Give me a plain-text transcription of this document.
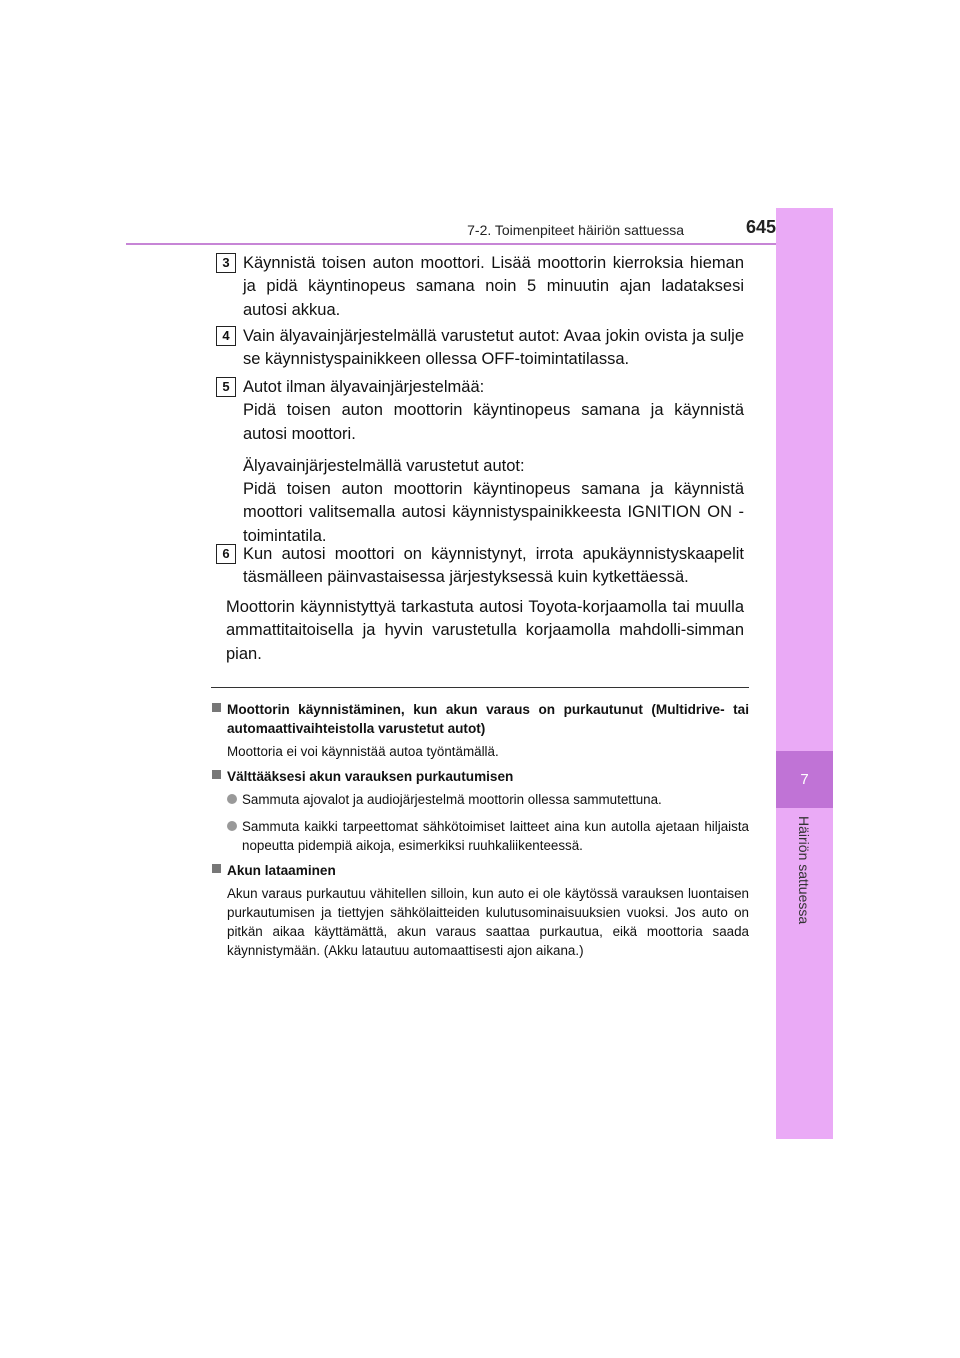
7-2. Toimenpiteet häiriön sattuessa	645
7
Häiriön sattuessa
3 Käynnistä toisen auton moottori. Lisää moottorin kierroksia hieman ja pidä käyntinopeus samana noin 5 minuutin ajan ladataksesi autosi akkua.

4 Vain älyavainjärjestelmällä varustetut autot: Avaa jokin ovista ja sulje se käynnistyspainikkeen ollessa OFF-toimintatilassa.

5 Autot ilman älyavainjärjestelmää:
Pidä toisen auton moottorin käyntinopeus samana ja käynnistä autosi moottori.

Älyavainjärjestelmällä varustetut autot:
Pidä toisen auton moottorin käyntinopeus samana ja käynnistä moottori valitsemalla autosi käynnistyspainikkeesta IGNITION ON -toimintatila.

6 Kun autosi moottori on käynnistynyt, irrota apukäynnistyskaapelit täsmälleen päinvastaisessa järjestyksessä kuin kytkettäessä.

Moottorin käynnistyttyä tarkastuta autosi Toyota-korjaamolla tai muulla ammattitaitoisella ja hyvin varustetulla korjaamolla mahdolli-simman pian.
Moottorin käynnistäminen, kun akun varaus on purkautunut (Multidrive- tai automaattivaihteistolla varustetut autot)
Moottoria ei voi käynnistää autoa työntämällä.
Välttääksesi akun varauksen purkautumisen
Sammuta ajovalot ja audiojärjestelmä moottorin ollessa sammutettuna.
Sammuta kaikki tarpeettomat sähkötoimiset laitteet aina kun autolla ajetaan hiljaista nopeutta pidempiä aikoja, esimerkiksi ruuhkaliikenteessä.
Akun lataaminen
Akun varaus purkautuu vähitellen silloin, kun auto ei ole käytössä varauksen luontaisen purkautumisen ja tiettyjen sähkölaitteiden kulutusominaisuuksien vuoksi. Jos auto on pitkän aikaa käyttämättä, akun varaus saattaa purkautua, eikä moottoria saada käynnistymään. (Akku latautuu automaattisesti ajon aikana.)
